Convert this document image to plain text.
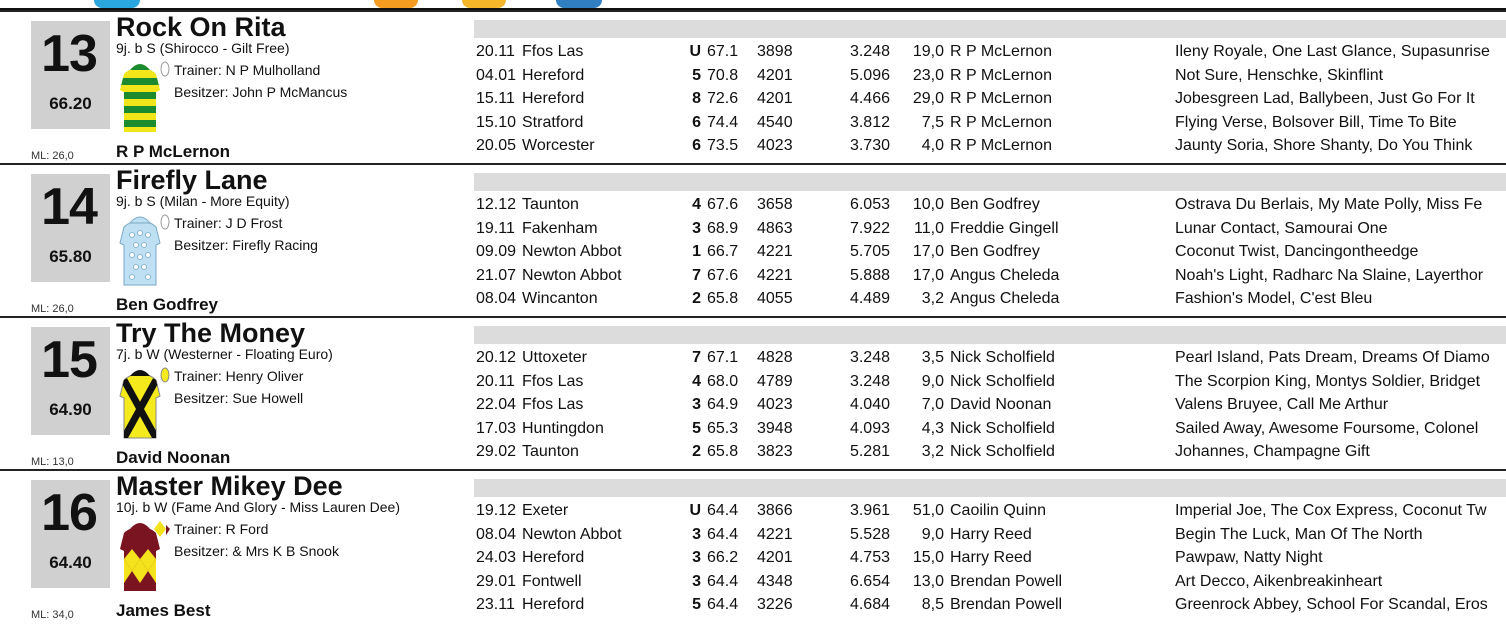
13
66.20
ML: 26,0
Rock On Rita
9j. b S (Shirocco - Gilt Free)
Trainer: N P Mulholland
Besitzer: John P McMancus
R P McLernon
20.11 Ffos Las	U 67.1 3898	3.248	19,0 R P McLernon	Ileny Royale, One Last Glance, Supasunrise
04.01 Hereford	5 70.8 4201	5.096	23,0 R P McLernon	Not Sure, Henschke, Skinflint
15.11 Hereford	8 72.6 4201	4.466	29,0 R P McLernon	Jobesgreen Lad, Ballybeen, Just Go For It
15.10 Stratford	6 74.4 4540	3.812	7,5 R P McLernon	Flying Verse, Bolsover Bill, Time To Bite
20.05 Worcester	6 73.5 4023	3.730	4,0 R P McLernon	Jaunty Soria, Shore Shanty, Do You Think
14
65.80
ML: 26,0
Firefly Lane
9j. b S (Milan - More Equity)
Trainer: J D Frost
Besitzer: Firefly Racing
Ben Godfrey
12.12 Taunton	4 67.6 3658	6.053	10,0 Ben Godfrey	Ostrava Du Berlais, My Mate Polly, Miss Fe
19.11 Fakenham	3 68.9 4863	7.922	11,0 Freddie Gingell	Lunar Contact, Samourai One
09.09 Newton Abbot	1 66.7 4221	5.705	17,0 Ben Godfrey	Coconut Twist, Dancingontheedge
21.07 Newton Abbot	7 67.6 4221	5.888	17,0 Angus Cheleda	Noah's Light, Radharc Na Slaine, Layerthor
08.04 Wincanton	2 65.8 4055	4.489	3,2 Angus Cheleda	Fashion's Model, C'est Bleu
15
64.90
ML: 13,0
Try The Money
7j. b W (Westerner - Floating Euro)
Trainer: Henry Oliver
Besitzer: Sue Howell
David Noonan
20.12 Uttoxeter	7 67.1 4828	3.248	3,5 Nick Scholfield	Pearl Island, Pats Dream, Dreams Of Diamo
20.11 Ffos Las	4 68.0 4789	3.248	9,0 Nick Scholfield	The Scorpion King, Montys Soldier, Bridget
22.04 Ffos Las	3 64.9 4023	4.040	7,0 David Noonan	Valens Bruyee, Call Me Arthur
17.03 Huntingdon	5 65.3 3948	4.093	4,3 Nick Scholfield	Sailed Away, Awesome Foursome, Colonel
29.02 Taunton	2 65.8 3823	5.281	3,2 Nick Scholfield	Johannes, Champagne Gift
16
64.40
ML: 34,0
Master Mikey Dee
10j. b W (Fame And Glory - Miss Lauren Dee)
Trainer: R Ford
Besitzer: & Mrs K B Snook
James Best
19.12 Exeter	U 64.4 3866	3.961	51,0 Caoilin Quinn	Imperial Joe, The Cox Express, Coconut Tw
08.04 Newton Abbot	3 64.4 4221	5.528	9,0 Harry Reed	Begin The Luck, Man Of The North
24.03 Hereford	3 66.2 4201	4.753	15,0 Harry Reed	Pawpaw, Natty Night
29.01 Fontwell	3 64.4 4348	6.654	13,0 Brendan Powell	Art Decco, Aikenbreakinheart
23.11 Hereford	5 64.4 3226	4.684	8,5 Brendan Powell	Greenrock Abbey, School For Scandal, Eros
